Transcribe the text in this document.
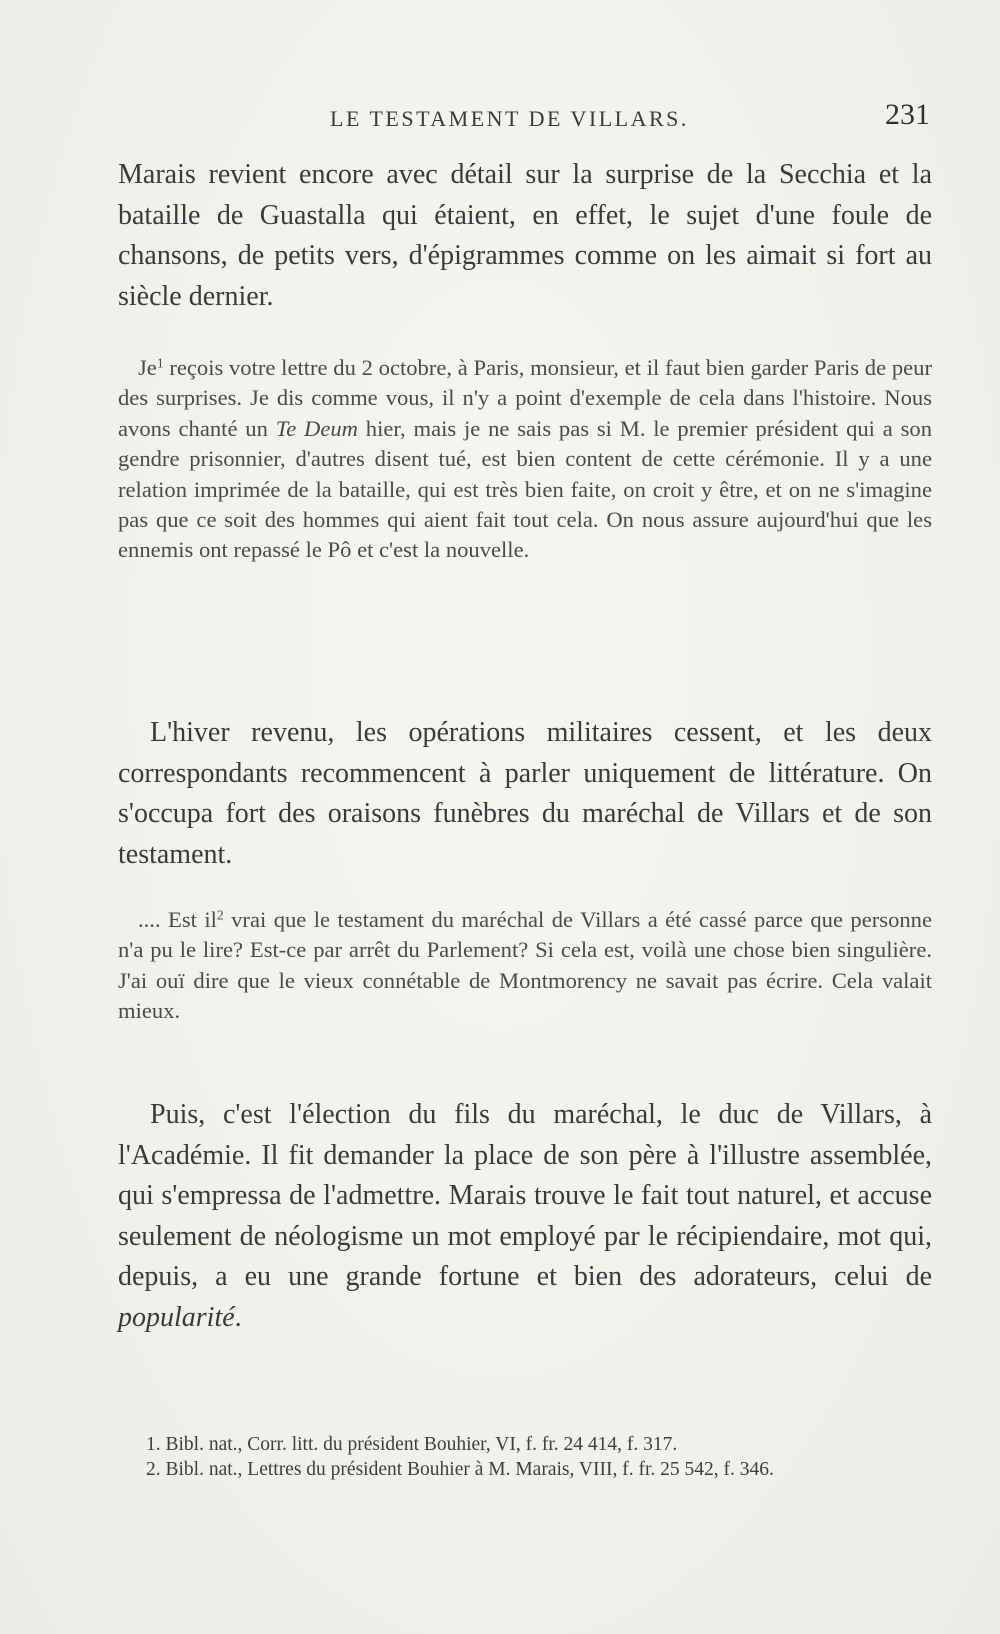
LE TESTAMENT DE VILLARS.	231

Marais revient encore avec détail sur la surprise de la Secchia et la bataille de Guastalla qui étaient, en effet, le sujet d'une foule de chansons, de petits vers, d'épigrammes comme on les aimait si fort au siècle dernier.

Je$^1$ reçois votre lettre du 2 octobre, à Paris, monsieur, et il faut bien garder Paris de peur des surprises. Je dis comme vous, il n'y a point d'exemple de cela dans l'histoire. Nous avons chanté un Te Deum hier, mais je ne sais pas si M. le premier président qui a son gendre prisonnier, d'autres disent tué, est bien content de cette cérémonie. Il y a une relation imprimée de la bataille, qui est très bien faite, on croit y être, et on ne s'imagine pas que ce soit des hommes qui aient fait tout cela. On nous assure aujourd'hui que les ennemis ont repassé le Pô et c'est la nouvelle.

L'hiver revenu, les opérations militaires cessent, et les deux correspondants recommencent à parler uniquement de littérature. On s'occupa fort des oraisons funèbres du maréchal de Villars et de son testament.

.... Est $il^2$ vrai que le testament du maréchal de Villars a été cassé parce que personne n'a pu le lire? Est-ce par arrêt du Parlement? Si cela est, voilà une chose bien singulière. J'ai ouï dire que le vieux connétable de Montmorency ne savait pas écrire. Cela valait mieux.

Puis, c'est l'élection du fils du maréchal, le duc de Villars, à l'Académie. Il fit demander la place de son père à l'illustre assemblée, qui s'empressa de l'admettre. Marais trouve le fait tout naturel, et accuse seulement de néologisme un mot employé par le récipiendaire, mot qui, depuis, a eu une grande fortune et bien des adorateurs, celui de popularité.

1. Bibl. nat., Corr. litt. du président Bouhier, VI, f. fr. 24 414, f. 317.

2. Bibl. nat., Lettres du président Bouhier à M. Marais, VIII, f. fr. 25 542, f. 346.
